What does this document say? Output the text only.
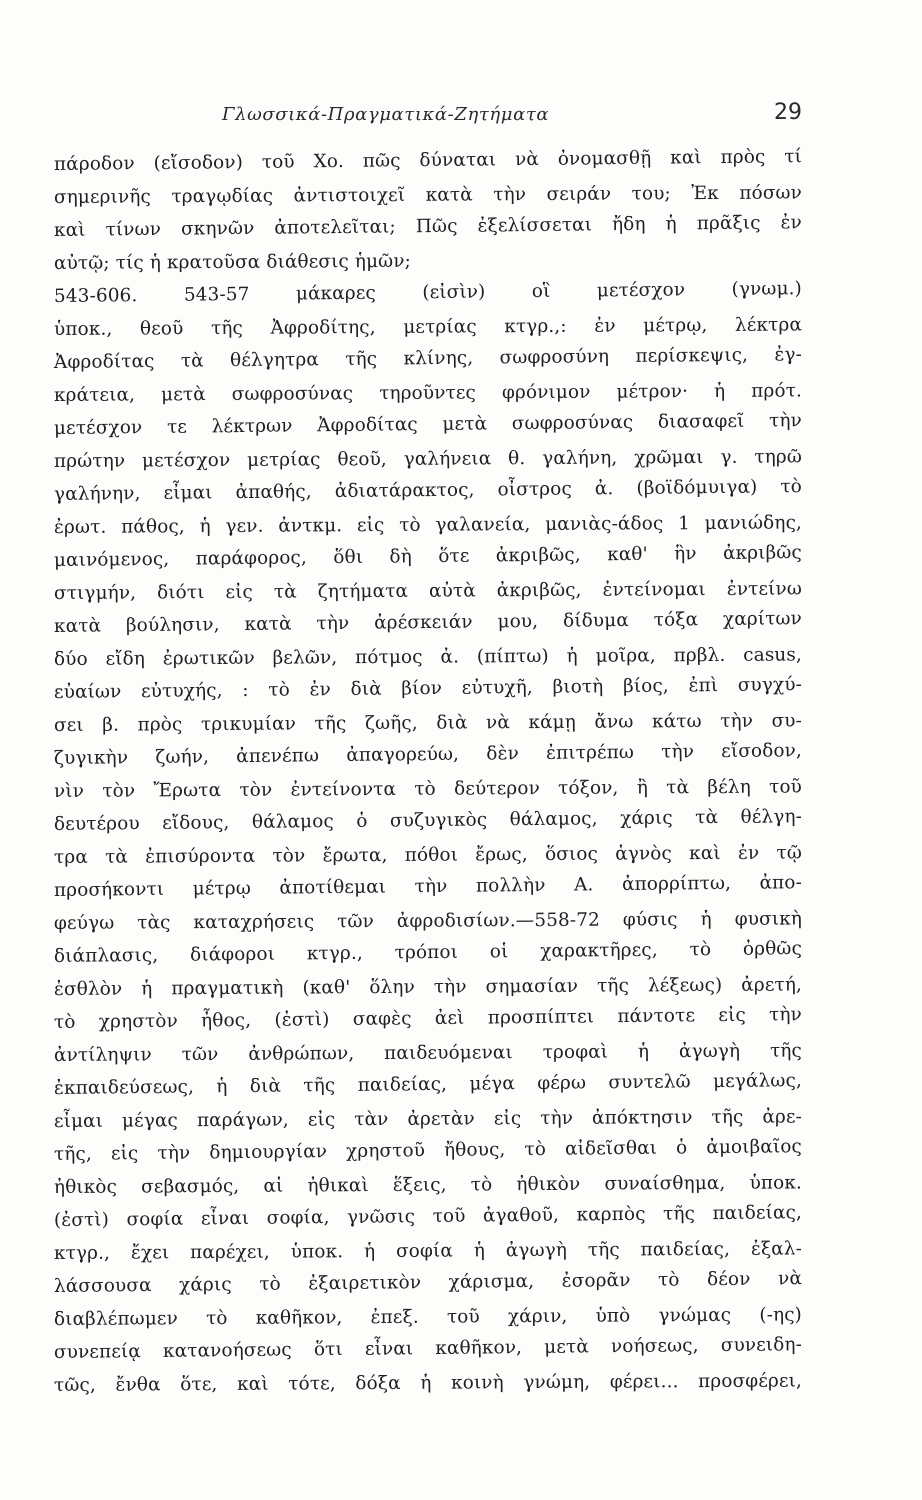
Γλωσσικά-Πραγματικά-Ζητήματα	29
πάροδον (εἴσοδον) τοῦ Χο. πῶς δύναται νὰ ὀνομασθῇ καὶ πρὸς τί
σημερινῆς τραγῳδίας ἀντιστοιχεῖ κατὰ τὴν σειράν του; Ἐκ πόσων
καὶ τίνων σκηνῶν ἀποτελεῖται; Πῶς ἐξελίσσεται ἤδη ἡ πρᾶξις ἐν
αὐτῷ; τίς ἡ κρατοῦσα διάθεσις ἡμῶν;
543-606. 543-57 μάκαρες (εἰσὶν) οἳ μετέσχον (γνωμ.)
ὑποκ., θεοῦ τῆς Ἀφροδίτης, μετρίας κτγρ.,: ἐν μέτρῳ, λέκτρα
Ἀφροδίτας τὰ θέλγητρα τῆς κλίνης, σωφροσύνη περίσκεψις, ἐγ-
κράτεια, μετὰ σωφροσύνας τηροῦντες φρόνιμον μέτρον· ἡ πρότ.
μετέσχον τε λέκτρων Ἀφροδίτας μετὰ σωφροσύνας διασαφεῖ τὴν
πρώτην μετέσχον μετρίας θεοῦ, γαλήνεια θ. γαλήνη, χρῶμαι γ. τηρῶ
γαλήνην, εἶμαι ἀπαθής, ἀδιατάρακτος, οἶστρος ἀ. (βοϊδόμυιγα) τὸ
ἐρωτ. πάθος, ἡ γεν. ἀντκμ. εἰς τὸ γαλανεία, μανιὰς-άδος 1 μανιώδης,
μαινόμενος, παράφορος, ὅθι δὴ ὅτε ἀκριβῶς, καθ' ἣν ἀκριβῶς
στιγμήν, διότι εἰς τὰ ζητήματα αὐτὰ ἀκριβῶς, ἐντείνομαι ἐντείνω
κατὰ βούλησιν, κατὰ τὴν ἀρέσκειάν μου, δίδυμα τόξα χαρίτων
δύο εἴδη ἐρωτικῶν βελῶν, πότμος ἀ. (πίπτω) ἡ μοῖρα, πρβλ. casus,
εὐαίων εὐτυχής, : τὸ ἐν διὰ βίον εὐτυχῆ, βιοτὴ βίος, ἐπὶ συγχύ-
σει β. πρὸς τρικυμίαν τῆς ζωῆς, διὰ νὰ κάμῃ ἄνω κάτω τὴν συ-
ζυγικὴν ζωήν, ἀπενέπω ἀπαγορεύω, δὲν ἐπιτρέπω τὴν εἴσοδον,
νὶν τὸν Ἔρωτα τὸν ἐντείνοντα τὸ δεύτερον τόξον, ἢ τὰ βέλη τοῦ
δευτέρου εἴδους, θάλαμος ὁ συζυγικὸς θάλαμος, χάρις τὰ θέλγη-
τρα τὰ ἐπισύροντα τὸν ἔρωτα, πόθοι ἔρως, ὅσιος ἁγνὸς καὶ ἐν τῷ
προσήκοντι μέτρῳ ἀποτίθεμαι τὴν πολλὴν Α. ἀπορρίπτω, ἀπο-
φεύγω τὰς καταχρήσεις τῶν ἀφροδισίων.—558-72 φύσις ἡ φυσικὴ
διάπλασις, διάφοροι κτγρ., τρόποι οἱ χαρακτῆρες, τὸ ὀρθῶς
ἐσθλὸν ἡ πραγματικὴ (καθ' ὅλην τὴν σημασίαν τῆς λέξεως) ἀρετή,
τὸ χρηστὸν ἦθος, (ἐστὶ) σαφὲς ἀεὶ προσπίπτει πάντοτε εἰς τὴν
ἀντίληψιν τῶν ἀνθρώπων, παιδευόμεναι τροφαὶ ἡ ἀγωγὴ τῆς
ἐκπαιδεύσεως, ἡ διὰ τῆς παιδείας, μέγα φέρω συντελῶ μεγάλως,
εἶμαι μέγας παράγων, εἰς τὰν ἀρετὰν εἰς τὴν ἀπόκτησιν τῆς ἀρε-
τῆς, εἰς τὴν δημιουργίαν χρηστοῦ ἤθους, τὸ αἰδεῖσθαι ὁ ἀμοιβαῖος
ἠθικὸς σεβασμός, αἱ ἠθικαὶ ἕξεις, τὸ ἠθικὸν συναίσθημα, ὑποκ.
(ἐστὶ) σοφία εἶναι σοφία, γνῶσις τοῦ ἀγαθοῦ, καρπὸς τῆς παιδείας,
κτγρ., ἔχει παρέχει, ὑποκ. ἡ σοφία ἡ ἀγωγὴ τῆς παιδείας, ἐξαλ-
λάσσουσα χάρις τὸ ἐξαιρετικὸν χάρισμα, ἐσορᾶν τὸ δέον νὰ
διαβλέπωμεν τὸ καθῆκον, ἐπεξ. τοῦ χάριν, ὑπὸ γνώμας (-ης)
συνεπείᾳ κατανοήσεως ὅτι εἶναι καθῆκον, μετὰ νοήσεως, συνειδη-
τῶς, ἔνθα ὅτε, καὶ τότε, δόξα ἡ κοινὴ γνώμη, φέρει... προσφέρει,
